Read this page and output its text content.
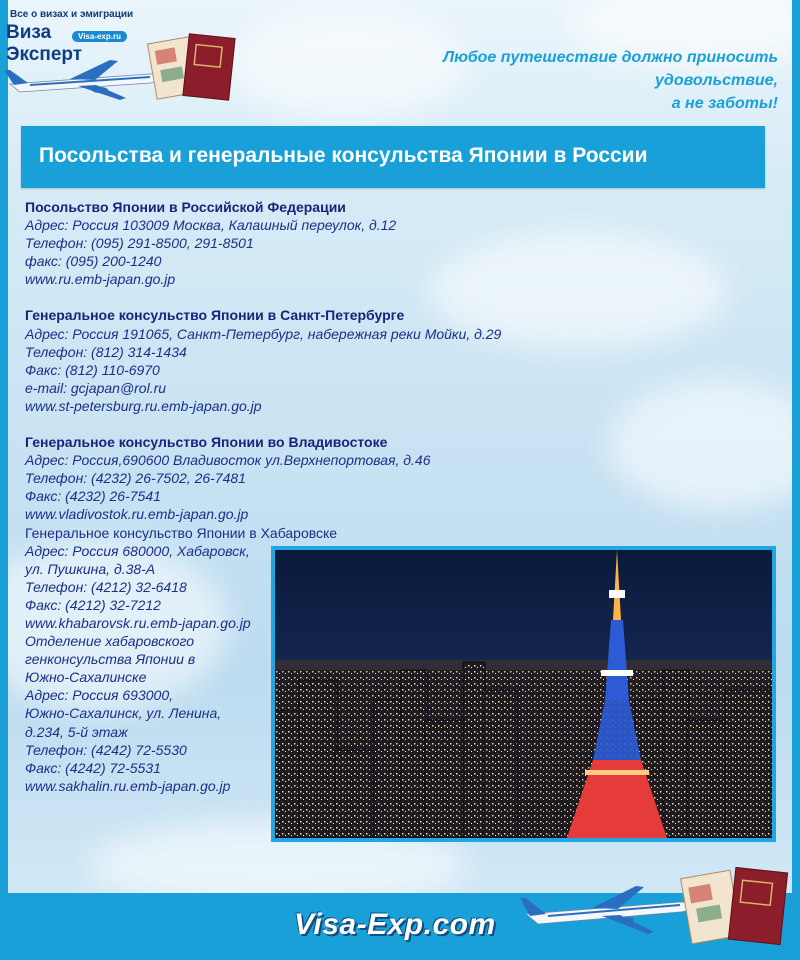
Все о визах и эмиграции
Виза
Эксперт
Visa-exp.ru
Любое путешествие должно приносить удовольствие,
а не заботы!
Посольства и генеральные консульства Японии в России
Посольство Японии в Российской Федерации
Адрес: Россия 103009 Москва, Калашный переулок, д.12
Телефон: (095) 291-8500, 291-8501
факс: (095) 200-1240
www.ru.emb-japan.go.jp
Генеральное консульство Японии в Санкт-Петербурге
Адрес: Россия 191065, Санкт-Петербург, набережная реки Мойки, д.29
Телефон: (812) 314-1434
Факс: (812) 110-6970
e-mail: gcjapan@rol.ru
www.st-petersburg.ru.emb-japan.go.jp
Генеральное консульство Японии во Владивостоке
Адрес: Россия,690600 Владивосток ул.Верхнепортовая, д.46
Телефон: (4232) 26-7502, 26-7481
Факс: (4232) 26-7541
www.vladivostok.ru.emb-japan.go.jp
Генеральное консульство Японии в Хабаровске
Адрес: Россия 680000, Хабаровск,
ул. Пушкина, д.38-А
Телефон: (4212) 32-6418
Факс: (4212) 32-7212
www.khabarovsk.ru.emb-japan.go.jp
Отделение хабаровского
генконсульства Японии в
Южно-Сахалинске
Адрес: Россия 693000,
Южно-Сахалинск, ул. Ленина,
д.234, 5-й этаж
Телефон: (4242) 72-5530
Факс: (4242) 72-5531
www.sakhalin.ru.emb-japan.go.jp
Visa-Exp.com
